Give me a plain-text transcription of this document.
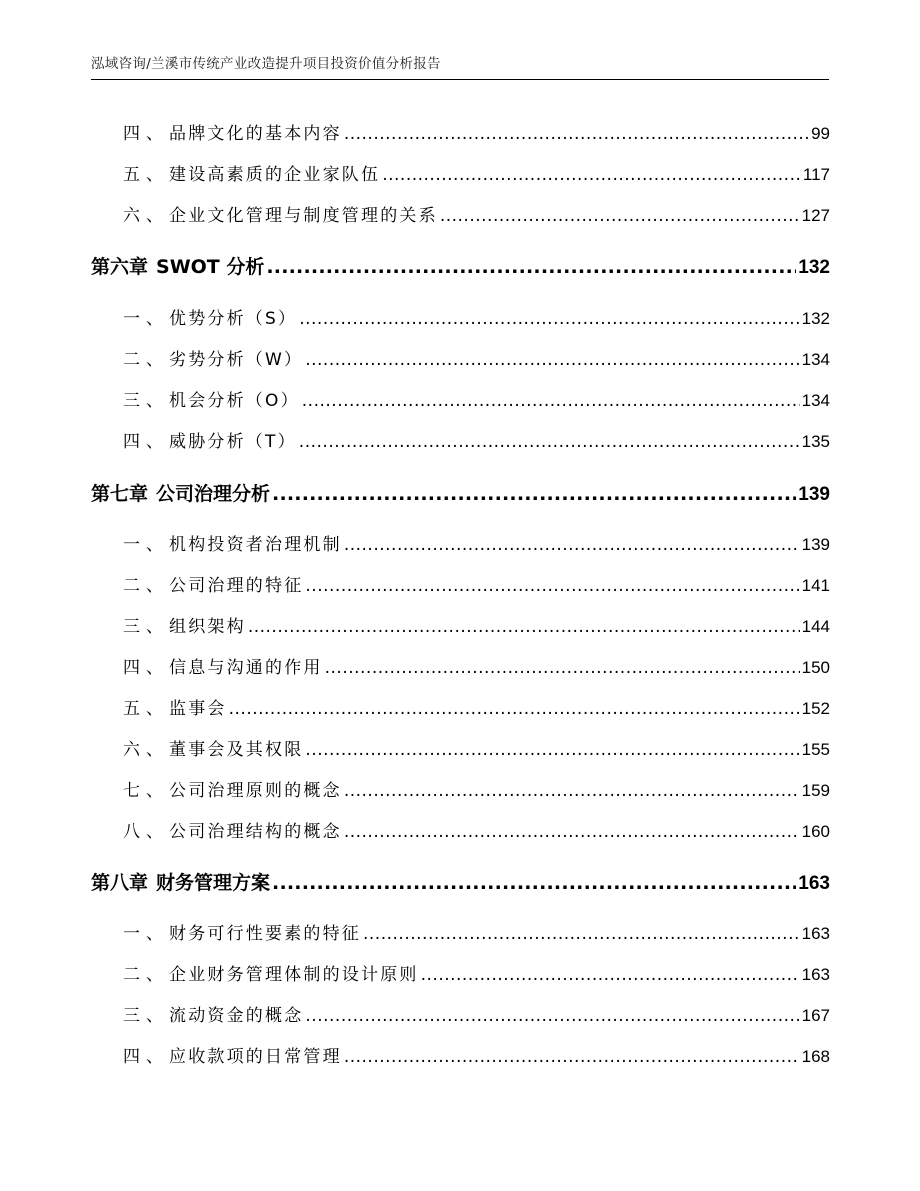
泓域咨询/兰溪市传统产业改造提升项目投资价值分析报告
四、 品牌文化的基本内容 .....	99
五、 建设高素质的企业家队伍 .....	117
六、 企业文化管理与制度管理的关系 .....	127
第六章 SWOT 分析 .....	132
一、 优势分析（S） .....	132
二、 劣势分析（W） .....	134
三、 机会分析（O） .....	134
四、 威胁分析（T） .....	135
第七章 公司治理分析 .....	139
一、 机构投资者治理机制 .....	139
二、 公司治理的特征 .....	141
三、 组织架构 .....	144
四、 信息与沟通的作用 .....	150
五、 监事会 .....	152
六、 董事会及其权限 .....	155
七、 公司治理原则的概念 .....	159
八、 公司治理结构的概念 .....	160
第八章 财务管理方案 .....	163
一、 财务可行性要素的特征 .....	163
二、 企业财务管理体制的设计原则 .....	163
三、 流动资金的概念 .....	167
四、 应收款项的日常管理 .....	168
